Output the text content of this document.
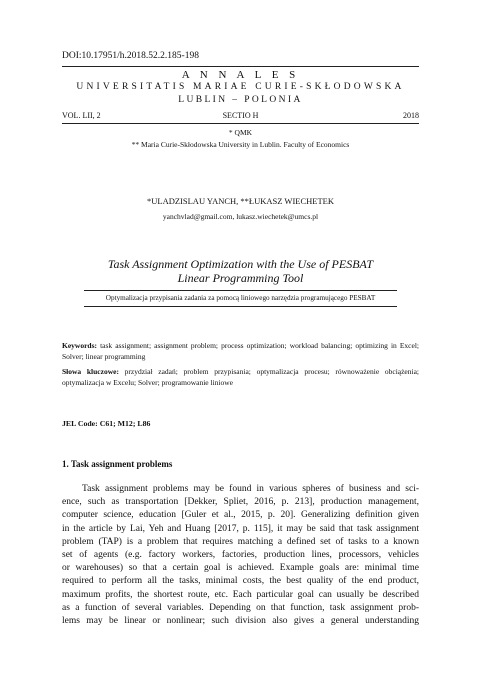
DOI:10.17951/h.2018.52.2.185-198
A N N A L E S
UNIVERSITATIS MARIAE CURIE-SKŁODOWSKA
LUBLIN – POLONIA
VOL. LII, 2	SECTIO H	2018
* QMK
** Maria Curie-Skłodowska University in Lublin. Faculty of Economics
*ULADZISLAU YANCH, **ŁUKASZ WIECHETEK
yanchvlad@gmail.com, lukasz.wiechetek@umcs.pl
Task Assignment Optimization with the Use of PESBAT
Linear Programming Tool
Optymalizacja przypisania zadania za pomocą liniowego narzędzia programującego PESBAT
Keywords: task assignment; assignment problem; process optimization; workload balancing; optimizing in Excel; Solver; linear programming
Słowa kluczowe: przydział zadań; problem przypisania; optymalizacja procesu; równoważenie obciążenia; optymalizacja w Excelu; Solver; programowanie liniowe
JEL Code: C61; M12; L86
1. Task assignment problems
Task assignment problems may be found in various spheres of business and sci-
ence, such as transportation [Dekker, Spliet, 2016, p. 213], production management,
computer science, education [Guler et al., 2015, p. 20]. Generalizing definition given
in the article by Lai, Yeh and Huang [2017, p. 115], it may be said that task assignment
problem (TAP) is a problem that requires matching a defined set of tasks to a known
set of agents (e.g. factory workers, factories, production lines, processors, vehicles
or warehouses) so that a certain goal is achieved. Example goals are: minimal time
required to perform all the tasks, minimal costs, the best quality of the end product,
maximum profits, the shortest route, etc. Each particular goal can usually be described
as a function of several variables. Depending on that function, task assignment prob-
lems may be linear or nonlinear; such division also gives a general understanding
